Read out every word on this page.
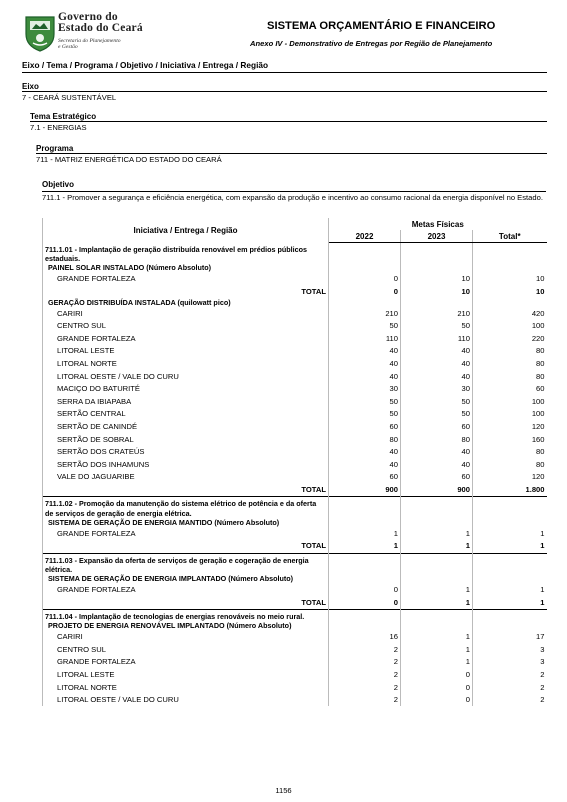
Governo do
Estado do Ceará
Secretaria do Planejamento
e Gestão
SISTEMA ORÇAMENTÁRIO E FINANCEIRO
Anexo IV - Demonstrativo de Entregas por Região de Planejamento
Eixo / Tema / Programa / Objetivo / Iniciativa / Entrega / Região
Eixo
7 - CEARÁ SUSTENTÁVEL
Tema Estratégico
7.1 - ENERGIAS
Programa
711 - MATRIZ ENERGÉTICA DO ESTADO DO CEARÁ
Objetivo
711.1 - Promover a segurança e eficiência energética, com expansão da produção e incentivo ao consumo racional da energia disponível no Estado.
Iniciativa / Entrega / Região	Metas Físicas		
	2022	2023	Total*
711.1.01 - Implantação de geração distribuída renovável em prédios públicos estaduais.			
PAINEL SOLAR INSTALADO (Número Absoluto)			
GRANDE FORTALEZA	0	10	10
TOTAL	0	10	10
GERAÇÃO DISTRIBUÍDA INSTALADA (quilowatt pico)			
CARIRI	210	210	420
CENTRO SUL	50	50	100
GRANDE FORTALEZA	110	110	220
LITORAL LESTE	40	40	80
LITORAL NORTE	40	40	80
LITORAL OESTE / VALE DO CURU	40	40	80
MACIÇO DO BATURITÉ	30	30	60
SERRA DA IBIAPABA	50	50	100
SERTÃO CENTRAL	50	50	100
SERTÃO DE CANINDÉ	60	60	120
SERTÃO DE SOBRAL	80	80	160
SERTÃO DOS CRATEÚS	40	40	80
SERTÃO DOS INHAMUNS	40	40	80
VALE DO JAGUARIBE	60	60	120
TOTAL	900	900	1.800
711.1.02 - Promoção da manutenção do sistema elétrico de potência e da oferta de serviços de geração de energia elétrica.			
SISTEMA DE GERAÇÃO DE ENERGIA MANTIDO (Número Absoluto)			
GRANDE FORTALEZA	1	1	1
TOTAL	1	1	1
711.1.03 - Expansão da oferta de serviços de geração e cogeração de energia elétrica.			
SISTEMA DE GERAÇÃO DE ENERGIA IMPLANTADO (Número Absoluto)			
GRANDE FORTALEZA	0	1	1
TOTAL	0	1	1
711.1.04 - Implantação de tecnologias de energias renováveis no meio rural.			
PROJETO DE ENERGIA RENOVÁVEL IMPLANTADO (Número Absoluto)			
CARIRI	16	1	17
CENTRO SUL	2	1	3
GRANDE FORTALEZA	2	1	3
LITORAL LESTE	2	0	2
LITORAL NORTE	2	0	2
LITORAL OESTE / VALE DO CURU	2	0	2
1156
